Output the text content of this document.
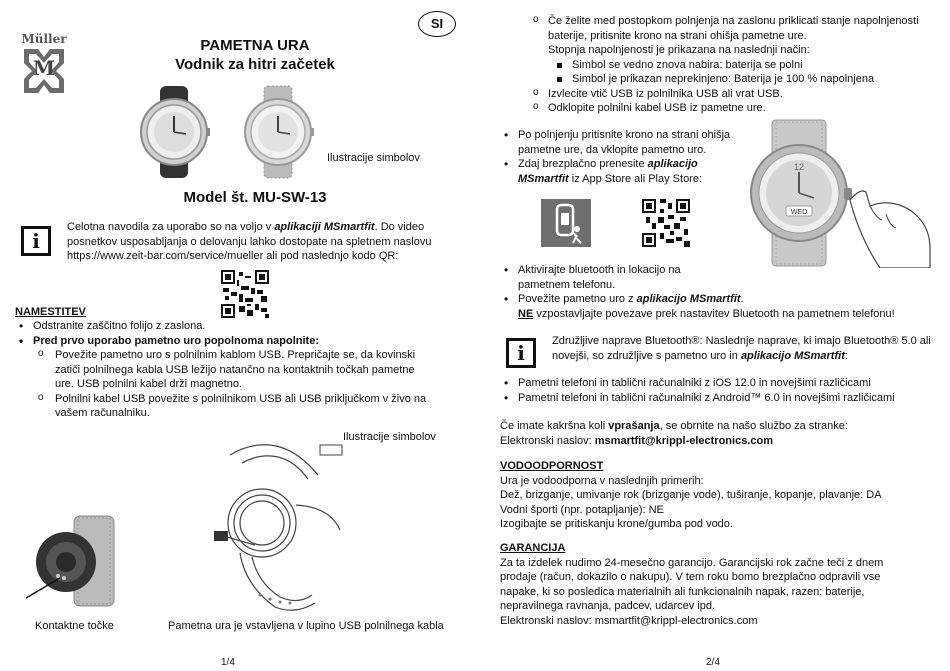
Müller
M
PAMETNA URA
Vodnik za hitri začetek
SI
Ilustracije simbolov
Model št. MU-SW-13
i

Celotna navodila za uporabo so na voljo v aplikaciji MSmartfit. Do video posnetkov usposabljanja o delovanju lahko dostopate na spletnem naslovu https://www.zeit-bar.com/service/mueller ali pod naslednjo kodo QR:

NAMESTITEV
• Odstranite zaščitno folijo z zaslona.
• Pred prvo uporabo pametno uro popolnoma napolnite:
o Povežite pametno uro s polnilnim kablom USB. Prepričajte se, da kovinski zatiči polnilnega kabla USB ležijo natančno na kontaktnih točkah pametne ure. USB polnilni kabel drži magnetno.
o Polnilni kabel USB povežite s polnilnikom USB ali USB priključkom v živo na vašem računalniku.
Ilustracije simbolov
Kontaktne točke	Pametna ura je vstavljena v lupino USB polnilnega kabla
1/4
o Če želite med postopkom polnjenja na zaslonu priklicati stanje napolnjenosti baterije, pritisnite krono na strani ohišja pametne ure.
Stopnja napolnjenosti je prikazana na naslednji način:
Simbol se vedno znova nabira: baterija se polni
Simbol je prikazan neprekinjeno: Baterija je 100 % napolnjena
o Izvlecite vtič USB iz polnilnika USB ali vrat USB.
o Odklopite polnilni kabel USB iz pametne ure.
• Po polnjenju pritisnite krono na strani ohišja pametne ure, da vklopite pametno uro.
• Zdaj brezplačno prenesite aplikacijo MSmartfit iz App Store ali Play Store:
12
WED
• Aktivirajte bluetooth in lokacijo na pametnem telefonu.
• Povežite pametno uro z aplikacijo MSmartfit.
NE vzpostavljajte povezave prek nastavitev Bluetooth na pametnem telefonu!
i	Združljive naprave Bluetooth®: Naslednje naprave, ki imajo Bluetooth® 5.0 ali novejši, so združljive s pametno uro in aplikacijo MSmartfit:

• Pametni telefoni in tablični računalniki z iOS 12.0 in novejšimi različicami
• Pametni telefoni in tablični računalniki z Android™ 6.0 in novejšimi različicami

Če imate kakršna koli vprašanja, se obrnite na našo službo za stranke:

Elektronski naslov: msmartfit@krippl-electronics.com

VODOODPORNOST

Ura je vodoodporna v naslednjih primerih:

Dež, brizganje, umivanje rok (brizganje vode), tuširanje, kopanje, plavanje: DA

Vodni športi (npr. potapljanje): NE

Izogibajte se pritiskanju krone/gumba pod vodo.

GARANCIJA

Za ta izdelek nudimo 24-mesečno garancijo. Garancijski rok začne teči z dnem prodaje (račun, dokazilo o nakupu). V tem roku bomo brezplačno odpravili vse napake, ki so posledica materialnih ali funkcionalnih napak, razen: baterije, nepravilnega ravnanja, padcev, udarcev ipd.

Elektronski naslov: msmartfit@krippl-electronics.com

2/4
